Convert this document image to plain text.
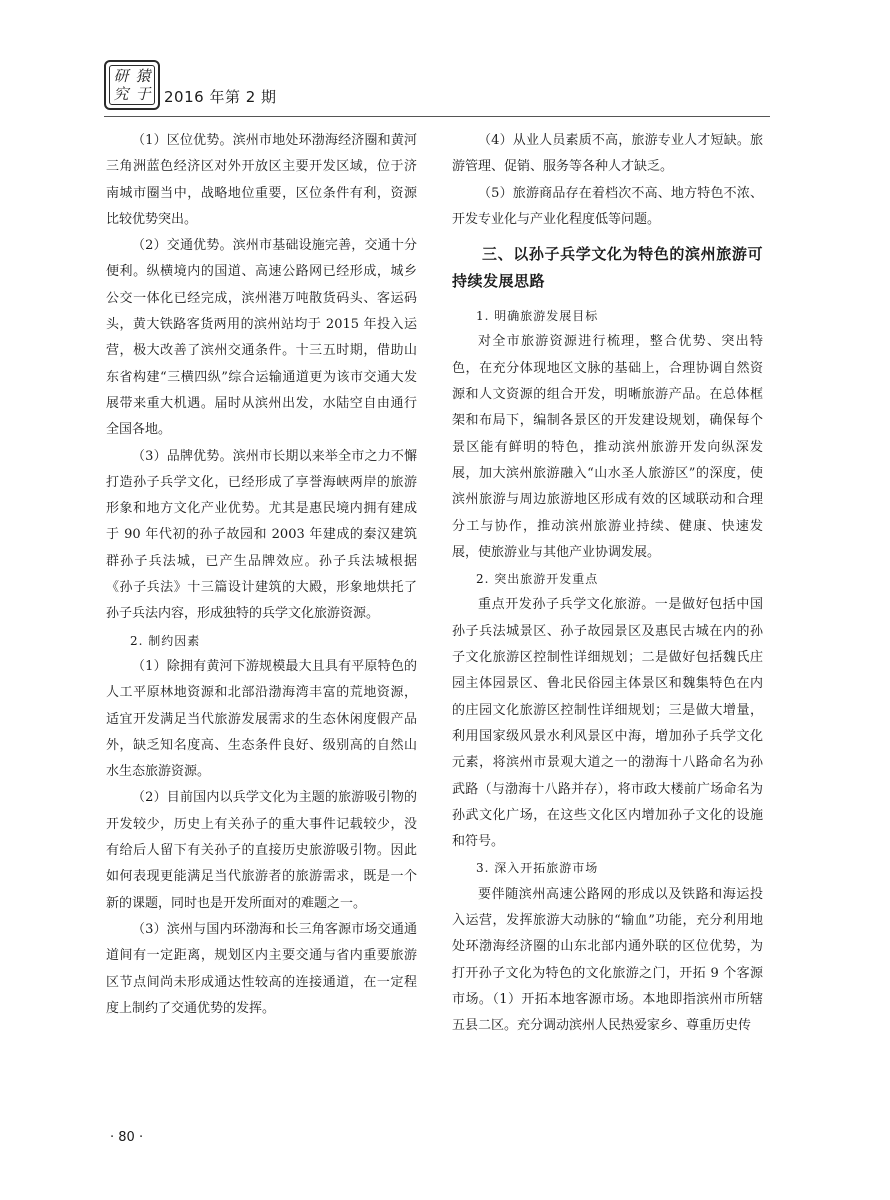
研 猿
究 于 2016 年第 2 期

（1）区位优势。滨州市地处环渤海经济圈和黄河三角洲蓝色经济区对外开放区主要开发区域，位于济南城市圈当中，战略地位重要，区位条件有利，资源比较优势突出。

（2）交通优势。滨州市基础设施完善，交通十分便利。纵横境内的国道、高速公路网已经形成，城乡公交一体化已经完成，滨州港万吨散货码头、客运码头，黄大铁路客货两用的滨州站均于 2015 年投入运营，极大改善了滨州交通条件。十三五时期，借助山东省构建“三横四纵”综合运输通道更为该市交通大发展带来重大机遇。届时从滨州出发，水陆空自由通行全国各地。

（3）品牌优势。滨州市长期以来举全市之力不懈打造孙子兵学文化，已经形成了享誉海峡两岸的旅游形象和地方文化产业优势。尤其是惠民境内拥有建成于 90 年代初的孙子故园和 2003 年建成的秦汉建筑群孙子兵法城，已产生品牌效应。孙子兵法城根据《孙子兵法》十三篇设计建筑的大殿，形象地烘托了孙子兵法内容，形成独特的兵学文化旅游资源。

2. 制约因素

（1）除拥有黄河下游规模最大且具有平原特色的人工平原林地资源和北部沿渤海湾丰富的荒地资源，适宜开发满足当代旅游发展需求的生态休闲度假产品外，缺乏知名度高、生态条件良好、级别高的自然山水生态旅游资源。

（2）目前国内以兵学文化为主题的旅游吸引物的开发较少，历史上有关孙子的重大事件记载较少，没有给后人留下有关孙子的直接历史旅游吸引物。因此如何表现更能满足当代旅游者的旅游需求，既是一个新的课题，同时也是开发所面对的难题之一。

（3）滨州与国内环渤海和长三角客源市场交通通道间有一定距离，规划区内主要交通与省内重要旅游区节点间尚未形成通达性较高的连接通道，在一定程度上制约了交通优势的发挥。

（4）从业人员素质不高，旅游专业人才短缺。旅游管理、促销、服务等各种人才缺乏。

（5）旅游商品存在着档次不高、地方特色不浓、开发专业化与产业化程度低等问题。

三、以孙子兵学文化为特色的滨州旅游可持续发展思路
1. 明确旅游发展目标

对全市旅游资源进行梳理，整合优势、突出特色，在充分体现地区文脉的基础上，合理协调自然资源和人文资源的组合开发，明晰旅游产品。在总体框架和布局下，编制各景区的开发建设规划，确保每个景区能有鲜明的特色，推动滨州旅游开发向纵深发展，加大滨州旅游融入“山水圣人旅游区”的深度，使滨州旅游与周边旅游地区形成有效的区域联动和合理分工与协作，推动滨州旅游业持续、健康、快速发展，使旅游业与其他产业协调发展。

2. 突出旅游开发重点

重点开发孙子兵学文化旅游。一是做好包括中国孙子兵法城景区、孙子故园景区及惠民古城在内的孙子文化旅游区控制性详细规划；二是做好包括魏氏庄园主体园景区、鲁北民俗园主体景区和魏集特色在内的庄园文化旅游区控制性详细规划；三是做大增量，利用国家级风景水利风景区中海，增加孙子兵学文化元素，将滨州市景观大道之一的渤海十八路命名为孙武路（与渤海十八路并存），将市政大楼前广场命名为孙武文化广场，在这些文化区内增加孙子文化的设施和符号。

3. 深入开拓旅游市场

要伴随滨州高速公路网的形成以及铁路和海运投入运营，发挥旅游大动脉的“输血”功能，充分利用地处环渤海经济圈的山东北部内通外联的区位优势，为打开孙子文化为特色的文化旅游之门，开拓 9 个客源市场。（1）开拓本地客源市场。本地即指滨州市所辖五县二区。充分调动滨州人民热爱家乡、尊重历史传

· 80 ·
